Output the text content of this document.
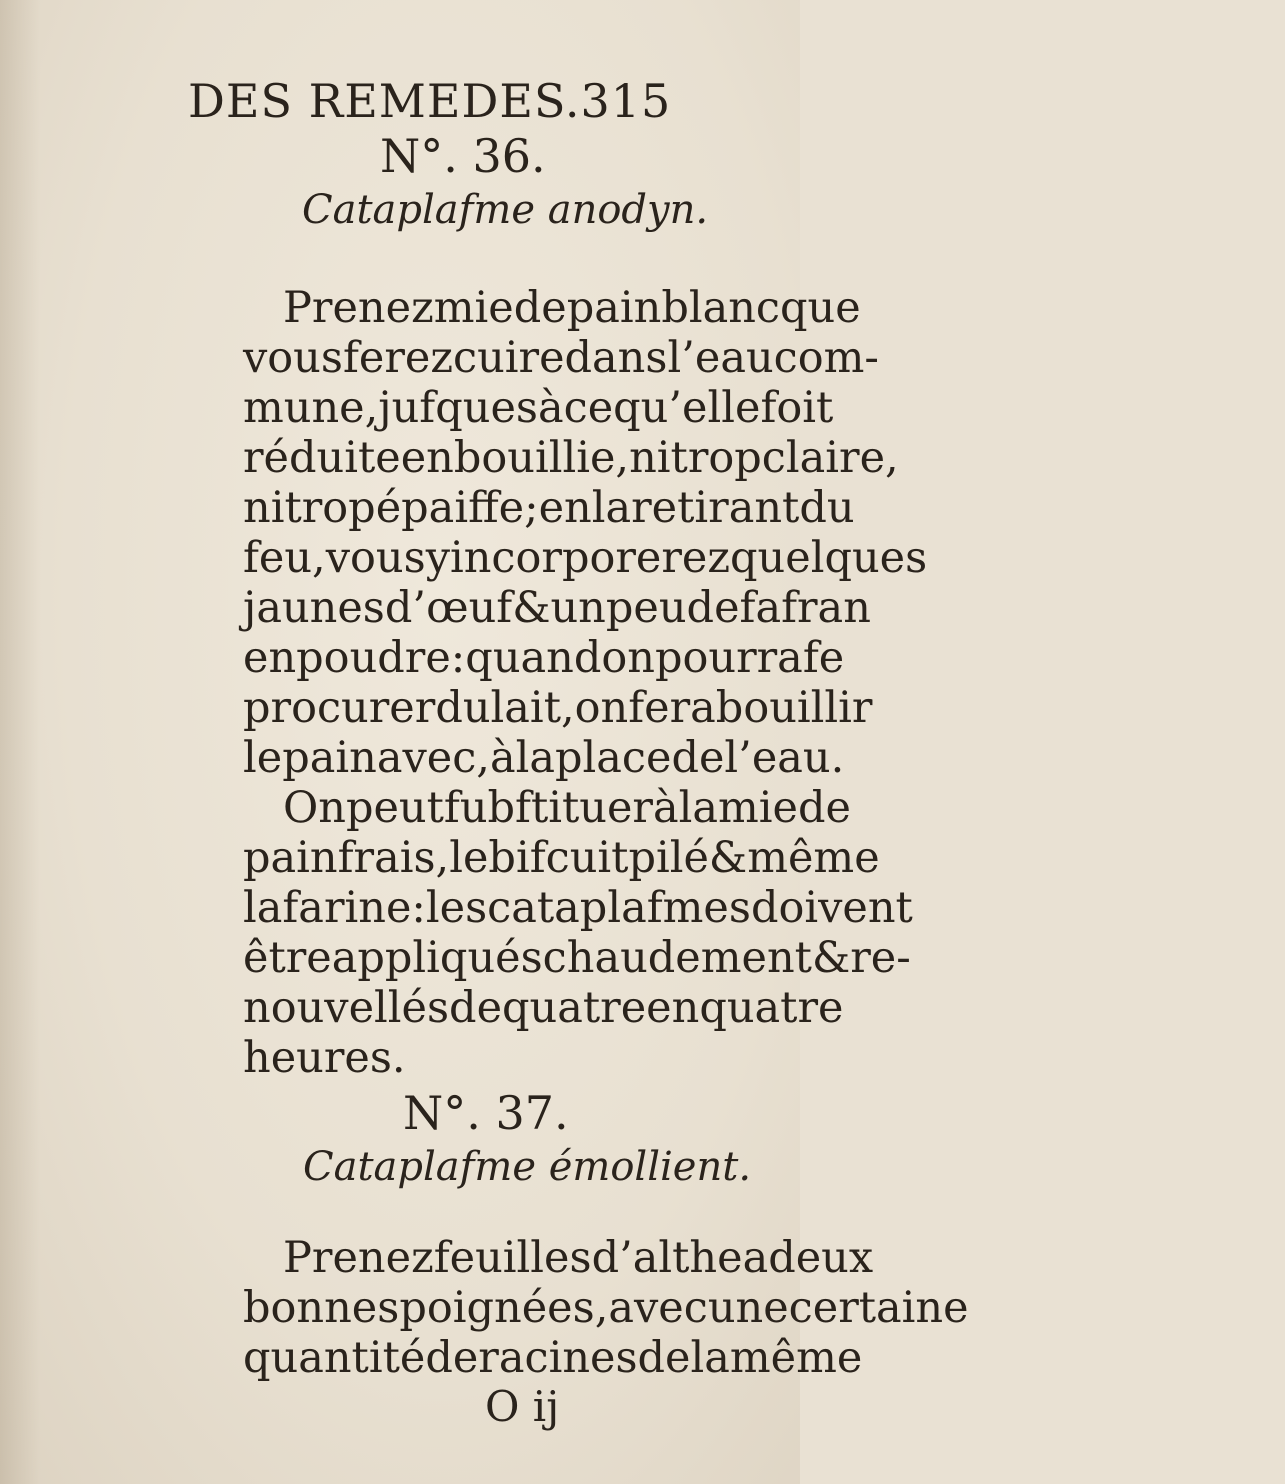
DES REMEDES. 315
N°. 36.
Cataplafme anodyn.
Prenez mie de pain blanc que
vous ferez cuire dans l’eau com-
mune , jufques à ce qu’elle foit
réduite en bouillie, ni trop claire ,
ni trop épaiffe ; en la retirant du
feu, vous y incorporerez quelques
jaunes d’œuf & un peu de fafran
en poudre : quand on pourra fe
procurer du lait, on fera bouillir
le pain avec, à la place de l’eau.
On peut fubftituer à la mie de
pain frais, le bifcuit pilé & même
la farine : les cataplafmes doivent
être appliqués chaudement & re-
nouvellés de quatre en quatre
heures.
N°. 37.
Cataplafme émollient.
Prenez feuilles d’althea deux
bonnes poignées , avec une certaine
quantité de racines de la même
O ij
